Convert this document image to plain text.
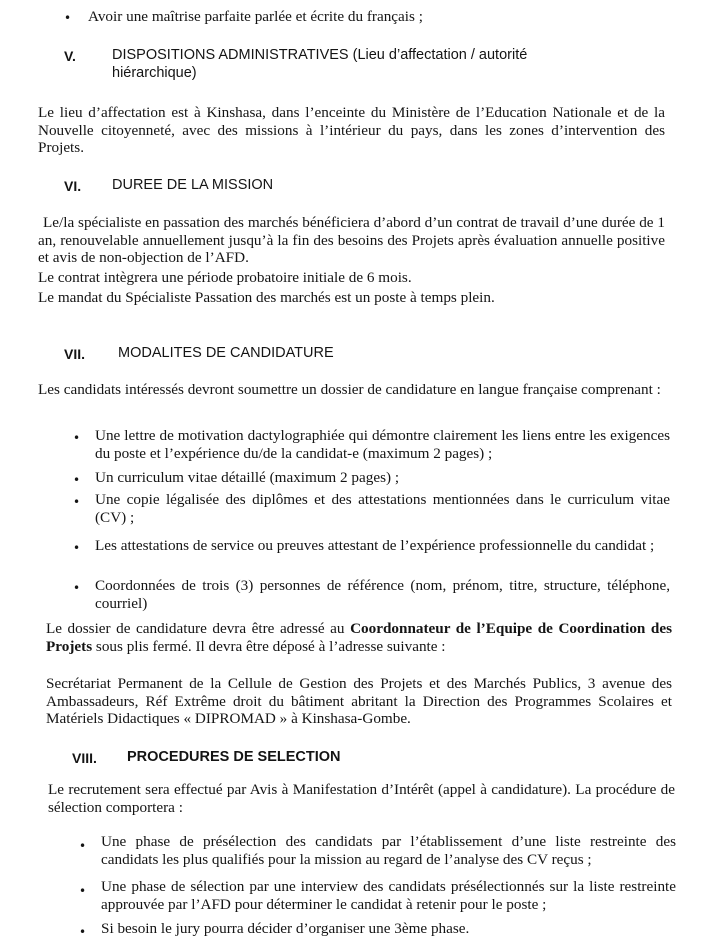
• Avoir une maîtrise parfaite parlée et écrite du français ;

V. DISPOSITIONS ADMINISTRATIVES (Lieu d’affectation / autorité
hiérarchique)

Le lieu d’affectation est à Kinshasa, dans l’enceinte du Ministère de l’Education Nationale et de la Nouvelle citoyenneté, avec des missions à l’intérieur du pays, dans les zones d’intervention des Projets.

VI. DUREE DE LA MISSION

Le/la spécialiste en passation des marchés bénéficiera d’abord d’un contrat de travail d’une durée de 1 an, renouvelable annuellement jusqu’à la fin des besoins des Projets après évaluation annuelle positive et avis de non-objection de l’AFD.

Le contrat intègrera une période probatoire initiale de 6 mois.

Le mandat du Spécialiste Passation des marchés est un poste à temps plein.

VII. MODALITES DE CANDIDATURE

Les candidats intéressés devront soumettre un dossier de candidature en langue française comprenant :

• Une lettre de motivation dactylographiée qui démontre clairement les liens entre les exigences du poste et l’expérience du/de la candidat-e (maximum 2 pages) ;

• Un curriculum vitae détaillé (maximum 2 pages) ;

• Une copie légalisée des diplômes et des attestations mentionnées dans le curriculum vitae (CV) ;

• Les attestations de service ou preuves attestant de l’expérience professionnelle du candidat ;

• Coordonnées de trois (3) personnes de référence (nom, prénom, titre, structure, téléphone, courriel)

Le dossier de candidature devra être adressé au Coordonnateur de l’Equipe de Coordination des Projets sous plis fermé. Il devra être déposé à l’adresse suivante :

Secrétariat Permanent de la Cellule de Gestion des Projets et des Marchés Publics, 3 avenue des Ambassadeurs, Réf Extrême droit du bâtiment abritant la Direction des Programmes Scolaires et Matériels Didactiques « DIPROMAD » à Kinshasa-Gombe.

VIII. PROCEDURES DE SELECTION

Le recrutement sera effectué par Avis à Manifestation d’Intérêt (appel à candidature). La procédure de sélection comportera :

• Une phase de présélection des candidats par l’établissement d’une liste restreinte des candidats les plus qualifiés pour la mission au regard de l’analyse des CV reçus ;

• Une phase de sélection par une interview des candidats présélectionnés sur la liste restreinte approuvée par l’AFD pour déterminer le candidat à retenir pour le poste ;

• Si besoin le jury pourra décider d’organiser une 3ème phase.
